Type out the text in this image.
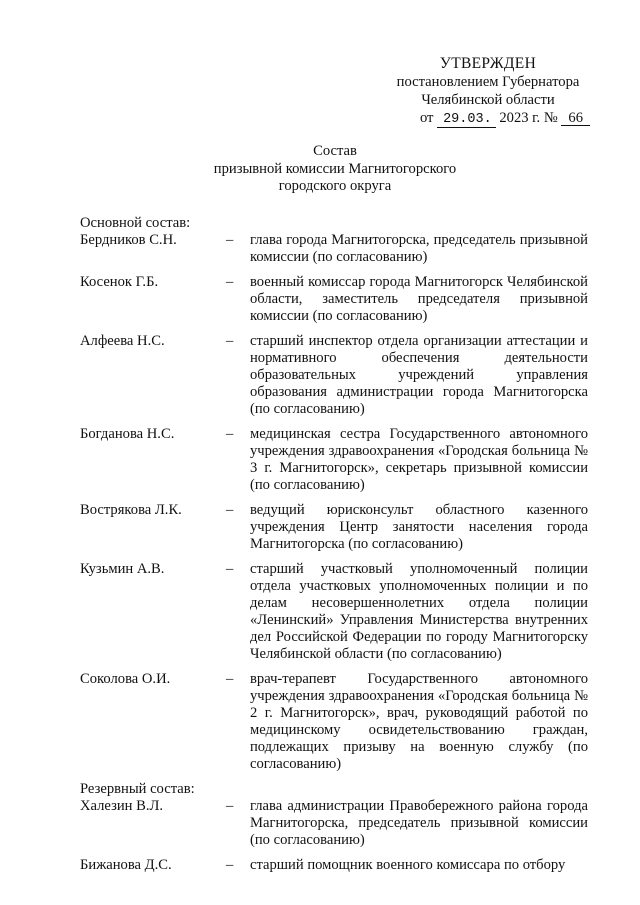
УТВЕРЖДЕН
постановлением Губернатора
Челябинской области
от 29.03. 2023 г. № 66
Состав
призывной комиссии Магнитогорского
городского округа
Основной состав:
Бердников С.Н.	–	глава города Магнитогорска, председатель призывной комиссии (по согласованию)
Косенок Г.Б.	–	военный комиссар города Магнитогорск Челябинской области, заместитель председателя призывной комиссии (по согласованию)
Алфеева Н.С.	–	старший инспектор отдела организации аттестации и нормативного обеспечения деятельности образовательных учреждений управления образования администрации города Магнитогорска (по согласованию)
Богданова Н.С.	–	медицинская сестра Государственного автономного учреждения здравоохранения «Городская больница № 3 г. Магнитогорск», секретарь призывной комиссии (по согласованию)
Вострякова Л.К.	–	ведущий юрисконсульт областного казенного учреждения Центр занятости населения города Магнитогорска (по согласованию)
Кузьмин А.В.	–	старший участковый уполномоченный полиции отдела участковых уполномоченных полиции и по делам несовершеннолетних отдела полиции «Ленинский» Управления Министерства внутренних дел Российской Федерации по городу Магнитогорску Челябинской области (по согласованию)
Соколова О.И.	–	врач-терапевт Государственного автономного учреждения здравоохранения «Городская больница № 2 г. Магнитогорск», врач, руководящий работой по медицинскому освидетельствованию граждан, подлежащих призыву на военную службу (по согласованию)
Резервный состав:
Халезин В.Л.	–	глава администрации Правобережного района города Магнитогорска, председатель призывной комиссии (по согласованию)
Бижанова Д.С.	–	старший помощник военного комиссара по отбору
